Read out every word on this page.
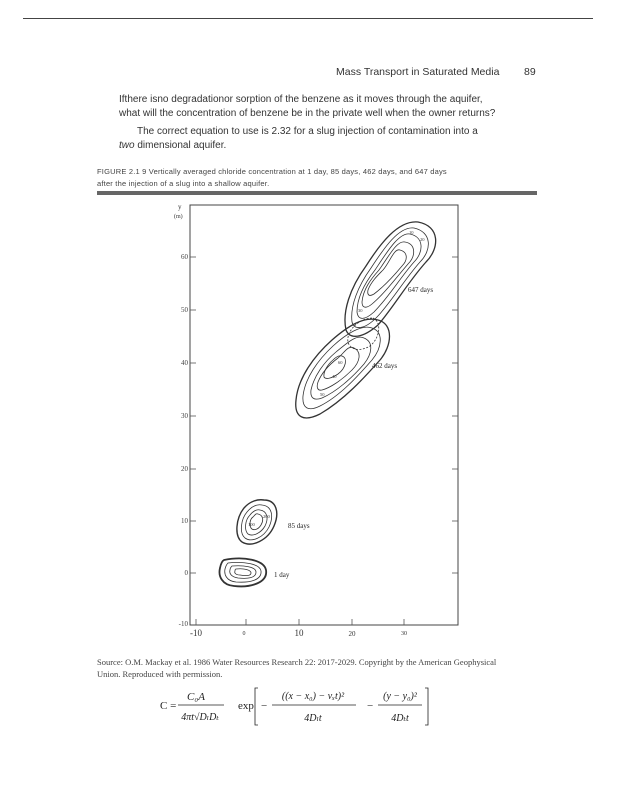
Mass Transport in Saturated Media 89
Ifthere isno degradationor sorption of the benzene as it moves through the aquifer,
what will the concentration of benzene be in the private well when the owner returns?
The correct equation to use is 2.32 for a slug injection of contamination into a
two dimensional aquifer.
FIGURE 2.1 9 Vertically averaged chloride concentration at 1 day, 85 days, 462 days, and 647 days
after the injection of a slug into a shallow aquifer.
y
(m)
60
50
40
30
20
10
0
-10
-10	0	10	20	30
647 days
462 days
85 days
1 day
10
20
30
40
50
60
100
200
Source: O.M. Mackay et al. 1986 Water Resources Research 22: 2017-2029. Copyright by the American Geophysical
Union. Reproduced with permission.
C =
C₀A
4πt√DₗDₜ
exp −
((x − x₀) − vₓt)²
4Dₗt
−
(y − y₀)²
4Dₜt
